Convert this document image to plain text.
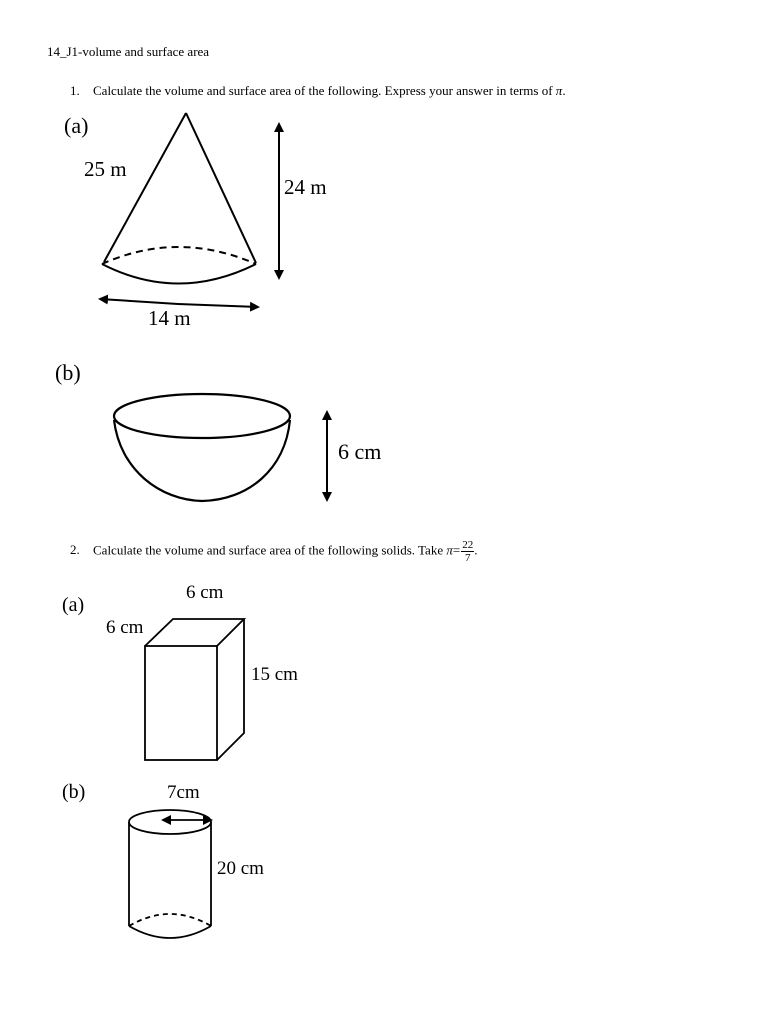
14_J1-volume and surface area
1. Calculate the volume and surface area of the following. Express your answer in terms of π.
(a)
25 m
24 m
14 m
(b)
6 cm
2. Calculate the volume and surface area of the following solids. Take $\pi= \frac{22}{7}$ .
(a)
6 cm
6 cm
15 cm
(b)	7cm
20 cm
